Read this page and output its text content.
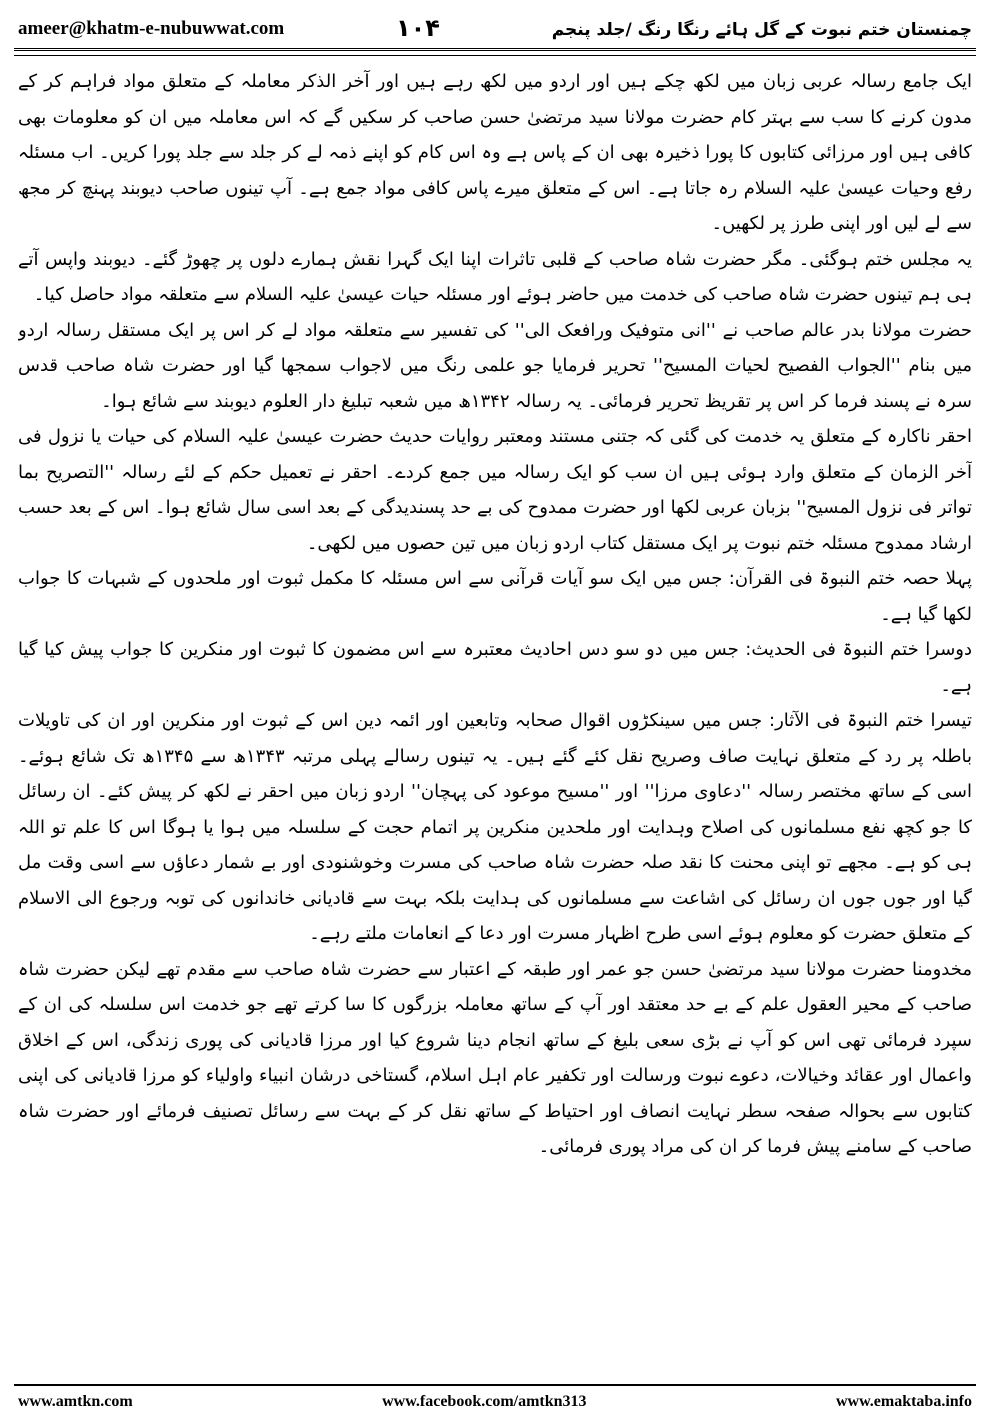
ameer@khatm-e-nubuwwat.com	۱۰۴	چمنستان ختم نبوت کے گل ہائے رنگا رنگ /جلد پنجم

ایک جامع رسالہ عربی زبان میں لکھ چکے ہیں اور اردو میں لکھ رہے ہیں اور آخر الذکر معاملہ کے متعلق مواد فراہم کر کے مدون کرنے کا سب سے بہتر کام حضرت مولانا سید مرتضیٰ حسن صاحب کر سکیں گے کہ اس معاملہ میں ان کو معلومات بھی کافی ہیں اور مرزائی کتابوں کا پورا ذخیرہ بھی ان کے پاس ہے وہ اس کام کو اپنے ذمہ لے کر جلد سے جلد پورا کریں۔ اب مسئلہ رفع وحیات عیسیٰ علیہ السلام رہ جاتا ہے۔ اس کے متعلق میرے پاس کافی مواد جمع ہے۔ آپ تینوں صاحب دیوبند پہنچ کر مجھ سے لے لیں اور اپنی طرز پر لکھیں۔

یہ مجلس ختم ہوگئی۔ مگر حضرت شاہ صاحب کے قلبی تاثرات اپنا ایک گہرا نقش ہمارے دلوں پر چھوڑ گئے۔ دیوبند واپس آتے ہی ہم تینوں حضرت شاہ صاحب کی خدمت میں حاضر ہوئے اور مسئلہ حیات عیسیٰ علیہ السلام سے متعلقہ مواد حاصل کیا۔

حضرت مولانا بدر عالم صاحب نے ''انی متوفیک ورافعک الی'' کی تفسیر سے متعلقہ مواد لے کر اس پر ایک مستقل رسالہ اردو میں بنام ''الجواب الفصیح لحیات المسیح'' تحریر فرمایا جو علمی رنگ میں لاجواب سمجھا گیا اور حضرت شاہ صاحب قدس سرہ نے پسند فرما کر اس پر تقریظ تحریر فرمائی۔ یہ رسالہ ۱۳۴۲ھ میں شعبہ تبلیغ دار العلوم دیوبند سے شائع ہوا۔

احقر ناکارہ کے متعلق یہ خدمت کی گئی کہ جتنی مستند ومعتبر روایات حدیث حضرت عیسیٰ علیہ السلام کی حیات یا نزول فی آخر الزمان کے متعلق وارد ہوئی ہیں ان سب کو ایک رسالہ میں جمع کردے۔ احقر نے تعمیل حکم کے لئے رسالہ ''التصریح بما تواتر فی نزول المسیح'' بزبان عربی لکھا اور حضرت ممدوح کی بے حد پسندیدگی کے بعد اسی سال شائع ہوا۔ اس کے بعد حسب ارشاد ممدوح مسئلہ ختم نبوت پر ایک مستقل کتاب اردو زبان میں تین حصوں میں لکھی۔

پہلا حصہ ختم النبوۃ فی القرآن: جس میں ایک سو آیات قرآنی سے اس مسئلہ کا مکمل ثبوت اور ملحدوں کے شبہات کا جواب لکھا گیا ہے۔

دوسرا ختم النبوۃ فی الحدیث: جس میں دو سو دس احادیث معتبرہ سے اس مضمون کا ثبوت اور منکرین کا جواب پیش کیا گیا ہے۔

تیسرا ختم النبوۃ فی الآثار: جس میں سینکڑوں اقوال صحابہ وتابعین اور ائمہ دین اس کے ثبوت اور منکرین اور ان کی تاویلات باطلہ پر رد کے متعلق نہایت صاف وصریح نقل کئے گئے ہیں۔ یہ تینوں رسالے پہلی مرتبہ ۱۳۴۳ھ سے ۱۳۴۵ھ تک شائع ہوئے۔ اسی کے ساتھ مختصر رسالہ ''دعاوی مرزا'' اور ''مسیح موعود کی پہچان'' اردو زبان میں احقر نے لکھ کر پیش کئے۔ ان رسائل کا جو کچھ نفع مسلمانوں کی اصلاح وہدایت اور ملحدین منکرین پر اتمام حجت کے سلسلہ میں ہوا یا ہوگا اس کا علم تو اللہ ہی کو ہے۔ مجھے تو اپنی محنت کا نقد صلہ حضرت شاہ صاحب کی مسرت وخوشنودی اور بے شمار دعاؤں سے اسی وقت مل گیا اور جوں جوں ان رسائل کی اشاعت سے مسلمانوں کی ہدایت بلکہ بہت سے قادیانی خاندانوں کی توبہ ورجوع الی الاسلام کے متعلق حضرت کو معلوم ہوئے اسی طرح اظہار مسرت اور دعا کے انعامات ملتے رہے۔

مخدومنا حضرت مولانا سید مرتضیٰ حسن جو عمر اور طبقہ کے اعتبار سے حضرت شاہ صاحب سے مقدم تھے لیکن حضرت شاہ صاحب کے محیر العقول علم کے بے حد معتقد اور آپ کے ساتھ معاملہ بزرگوں کا سا کرتے تھے جو خدمت اس سلسلہ کی ان کے سپرد فرمائی تھی اس کو آپ نے بڑی سعی بلیغ کے ساتھ انجام دینا شروع کیا اور مرزا قادیانی کی پوری زندگی، اس کے اخلاق واعمال اور عقائد وخیالات، دعوے نبوت ورسالت اور تکفیر عام اہل اسلام، گستاخی درشان انبیاء واولیاء کو مرزا قادیانی کی اپنی کتابوں سے بحوالہ صفحہ سطر نہایت انصاف اور احتیاط کے ساتھ نقل کر کے بہت سے رسائل تصنیف فرمائے اور حضرت شاہ صاحب کے سامنے پیش فرما کر ان کی مراد پوری فرمائی۔

www.amtkn.com	www.facebook.com/amtkn313	www.emaktaba.info
